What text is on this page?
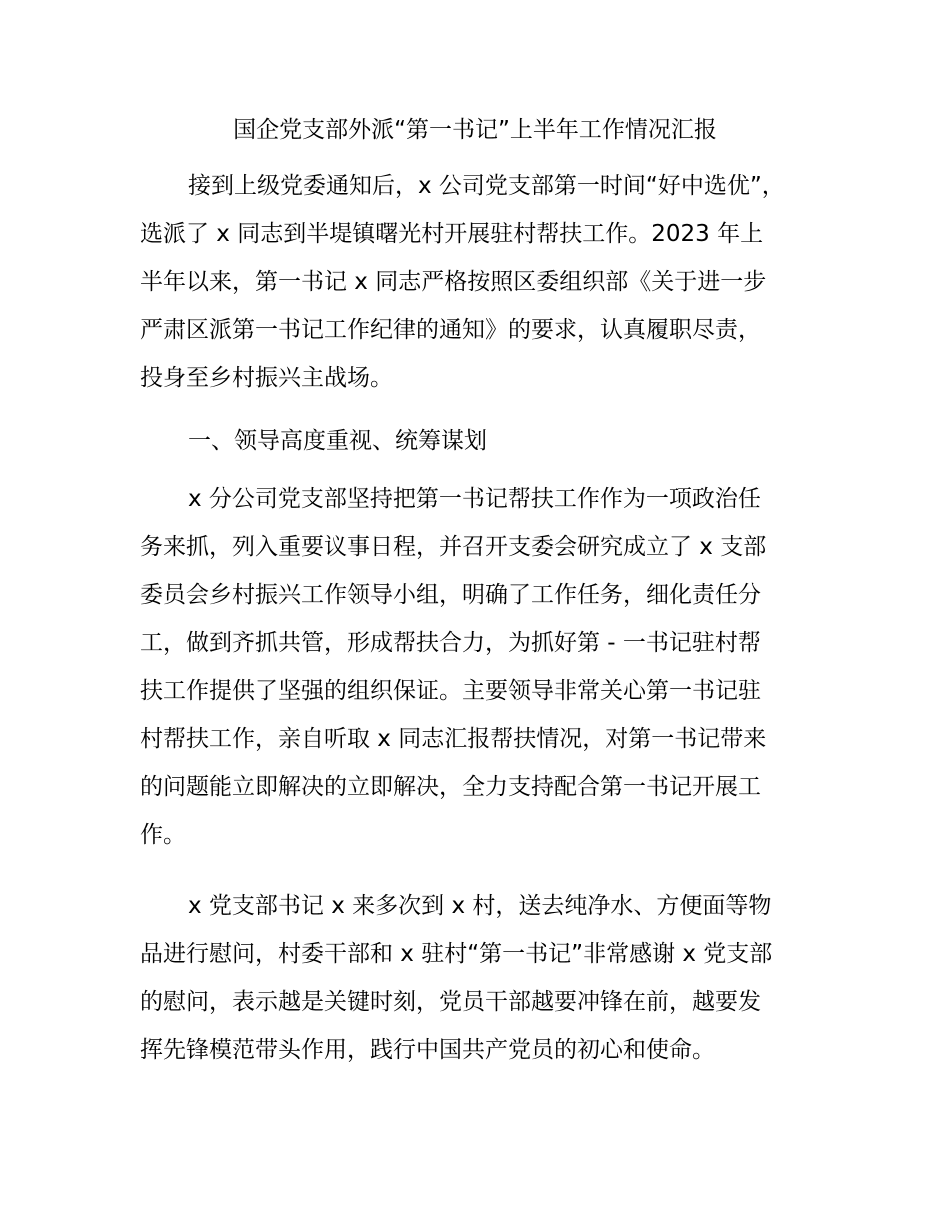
国企党支部外派“第一书记”上半年工作情况汇报
接到上级党委通知后，x 公司党支部第一时间“好中选优”，
选派了 x 同志到半堤镇曙光村开展驻村帮扶工作。2023 年上
半年以来，第一书记 x 同志严格按照区委组织部《关于进一步
严肃区派第一书记工作纪律的通知》的要求，认真履职尽责，
投身至乡村振兴主战场。
一、领导高度重视、统筹谋划
x 分公司党支部坚持把第一书记帮扶工作作为一项政治任
务来抓，列入重要议事日程，并召开支委会研究成立了 x 支部
委员会乡村振兴工作领导小组，明确了工作任务，细化责任分
工，做到齐抓共管，形成帮扶合力，为抓好第 - 一书记驻村帮
扶工作提供了坚强的组织保证。主要领导非常关心第一书记驻
村帮扶工作，亲自听取 x 同志汇报帮扶情况，对第一书记带来
的问题能立即解决的立即解决，全力支持配合第一书记开展工
作。
x 党支部书记 x 来多次到 x 村，送去纯净水、方便面等物
品进行慰问，村委干部和 x 驻村“第一书记”非常感谢 x 党支部
的慰问，表示越是关键时刻，党员干部越要冲锋在前，越要发
挥先锋模范带头作用，践行中国共产党员的初心和使命。
